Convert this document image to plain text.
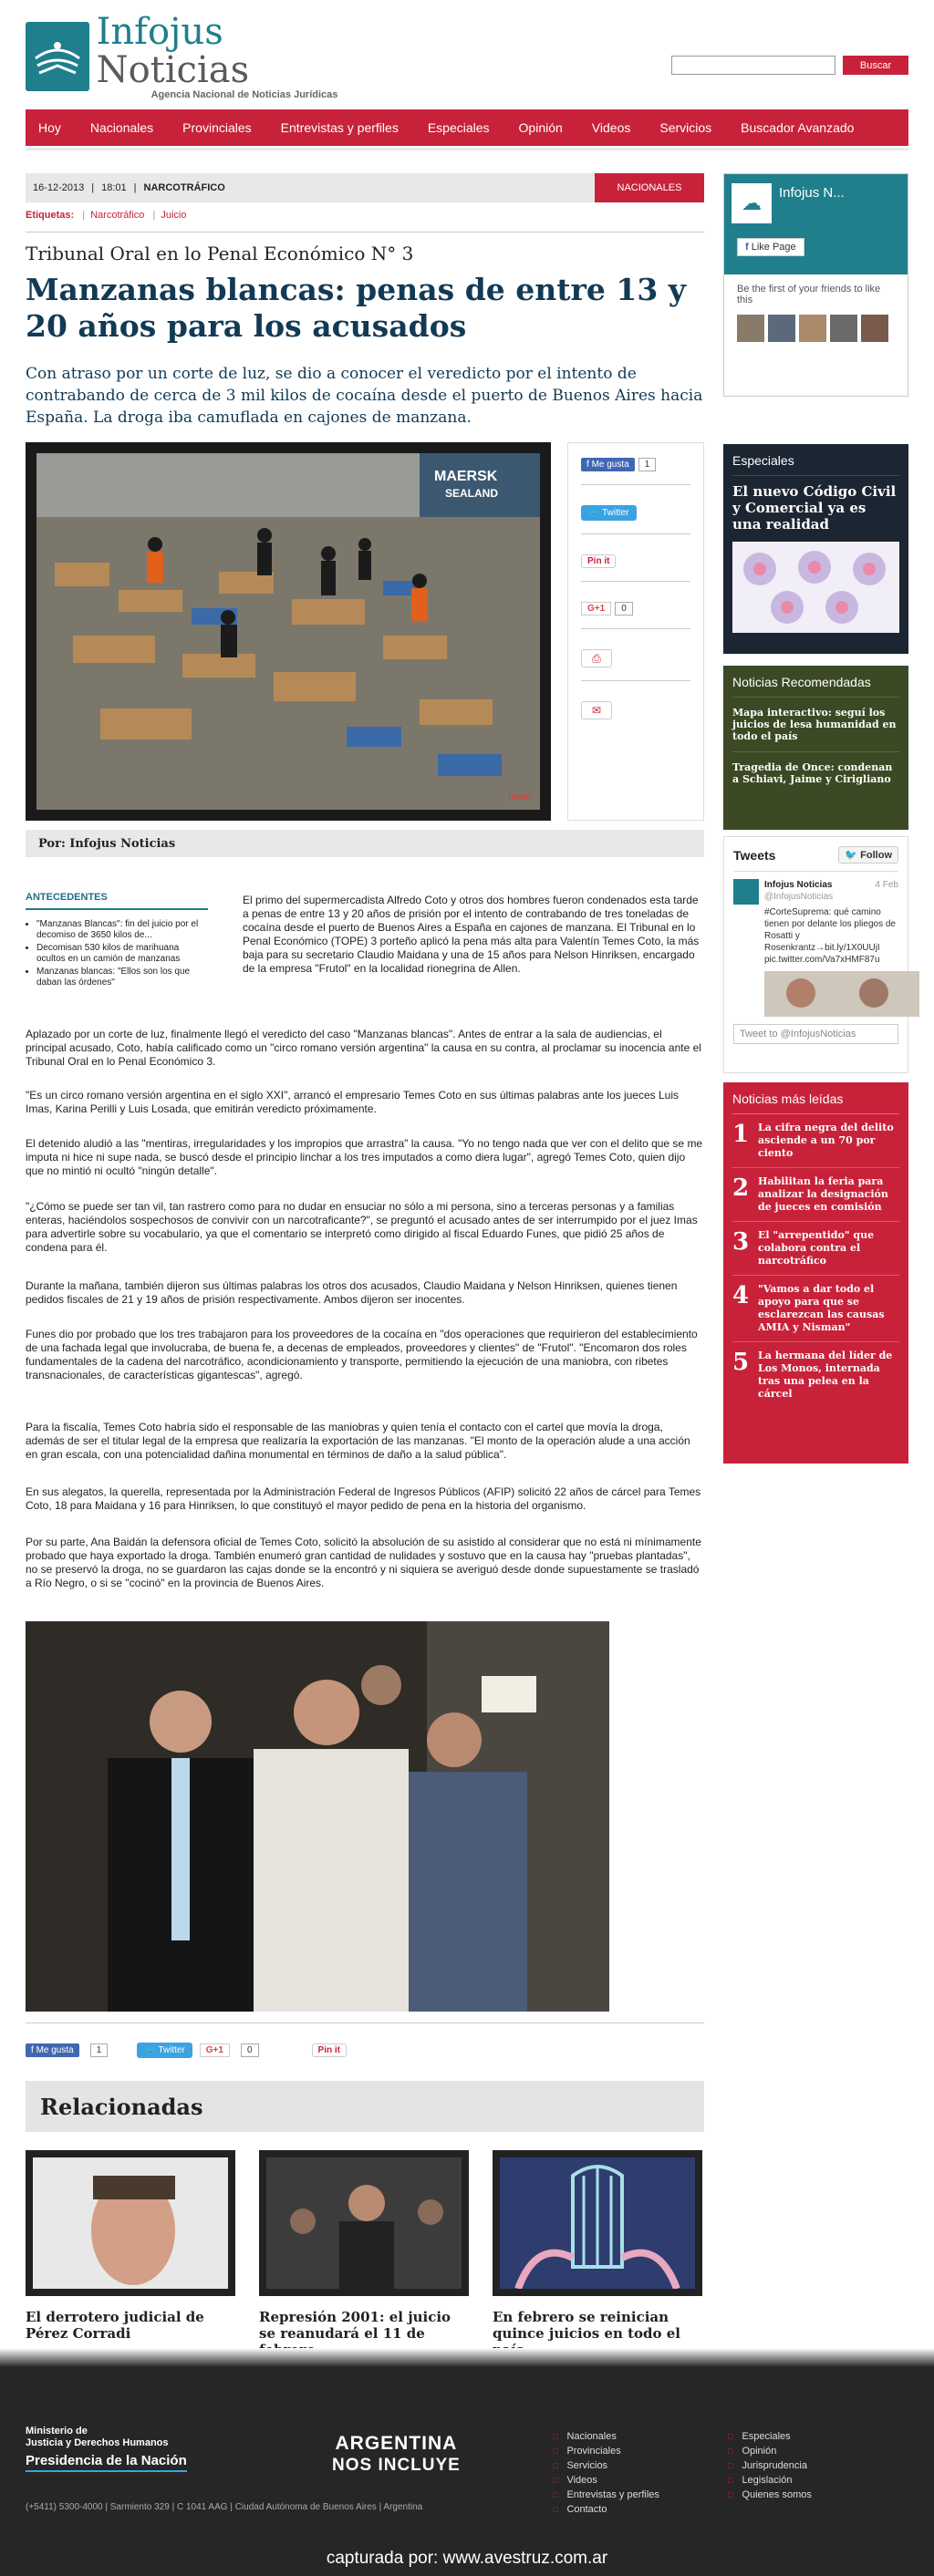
Infojus Noticias
Agencia Nacional de Noticias Jurídicas
Buscar
Hoy Nacionales Provinciales Entrevistas y perfiles Especiales Opinión Videos Servicios Buscador Avanzado
16-12-2013 | 18:01 | NARCOTRÁFICO	NACIONALES
Etiquetas: | Narcotráfico | Juicio
Tribunal Oral en lo Penal Económico N° 3
Manzanas blancas: penas de entre 13 y 20 años para los acusados

Con atraso por un corte de luz, se dio a conocer el veredicto por el intento de contrabando de cerca de 3 mil kilos de cocaína desde el puerto de Buenos Aires hacia España. La droga iba camuflada en cajones de manzana.

MAERSK
SEALAND
Telam
f Me gusta 1
🐦 Twitter
Pin it
G+1 0
⎙
✉
Por: Infojus Noticias
ANTECEDENTES
• "Manzanas Blancas": fin del juicio por el decomiso de 3650 kilos de...
• Decomisan 530 kilos de marihuana ocultos en un camión de manzanas
• Manzanas blancas: "Ellos son los que daban las órdenes"

El primo del supermercadista Alfredo Coto y otros dos hombres fueron condenados esta tarde a penas de entre 13 y 20 años de prisión por el intento de contrabando de tres toneladas de cocaína desde el puerto de Buenos Aires a España en cajones de manzana. El Tribunal en lo Penal Económico (TOPE) 3 porteño aplicó la pena más alta para Valentín Temes Coto, la más baja para su secretario Claudio Maidana y una de 15 años para Nelson Hinriksen, encargado de la empresa "Frutol" en la localidad rionegrina de Allen.

Aplazado por un corte de luz, finalmente llegó el veredicto del caso "Manzanas blancas". Antes de entrar a la sala de audiencias, el principal acusado, Coto, había calificado como un "circo romano versión argentina" la causa en su contra, al proclamar su inocencia ante el Tribunal Oral en lo Penal Económico 3.

"Es un circo romano versión argentina en el siglo XXI", arrancó el empresario Temes Coto en sus últimas palabras ante los jueces Luis Imas, Karina Perilli y Luis Losada, que emitirán veredicto próximamente.

El detenido aludió a las "mentiras, irregularidades y los impropios que arrastra" la causa. "Yo no tengo nada que ver con el delito que se me imputa ni hice ni supe nada, se buscó desde el principio linchar a los tres imputados a como diera lugar", agregó Temes Coto, quien dijo que no mintió ni ocultó "ningún detalle".

"¿Cómo se puede ser tan vil, tan rastrero como para no dudar en ensuciar no sólo a mi persona, sino a terceras personas y a familias enteras, haciéndolos sospechosos de convivir con un narcotraficante?", se preguntó el acusado antes de ser interrumpido por el juez Imas para advertirle sobre su vocabulario, ya que el comentario se interpretó como dirigido al fiscal Eduardo Funes, que pidió 25 años de condena para él.

Durante la mañana, también dijeron sus últimas palabras los otros dos acusados, Claudio Maidana y Nelson Hinriksen, quienes tienen pedidos fiscales de 21 y 19 años de prisión respectivamente. Ambos dijeron ser inocentes.

Funes dio por probado que los tres trabajaron para los proveedores de la cocaína en "dos operaciones que requirieron del establecimiento de una fachada legal que involucraba, de buena fe, a decenas de empleados, proveedores y clientes" de "Frutol". "Encomaron dos roles fundamentales de la cadena del narcotráfico, acondicionamiento y transporte, permitiendo la ejecución de una maniobra, con ribetes transnacionales, de características gigantescas", agregó.

Para la fiscalía, Temes Coto habría sido el responsable de las maniobras y quien tenía el contacto con el cartel que movía la droga, además de ser el titular legal de la empresa que realizaría la exportación de las manzanas. "El monto de la operación alude a una acción en gran escala, con una potencialidad dañina monumental en términos de daño a la salud pública".

En sus alegatos, la querella, representada por la Administración Federal de Ingresos Públicos (AFIP) solicitó 22 años de cárcel para Temes Coto, 18 para Maidana y 16 para Hinriksen, lo que constituyó el mayor pedido de pena en la historia del organismo.

Por su parte, Ana Baidán la defensora oficial de Temes Coto, solicitó la absolución de su asistido al considerar que no está ni mínimamente probado que haya exportado la droga. También enumeró gran cantidad de nulidades y sostuvo que en la causa hay "pruebas plantadas", no se preservó la droga, no se guardaron las cajas donde se la encontró y ni siquiera se averiguó desde donde supuestamente se trasladó a Río Negro, o si se "cocinó" en la provincia de Buenos Aires.

f Me gusta	1	🐦 Twitter	G+1	0	Pin it
Relacionadas
El derrotero judicial de Pérez Corradi
Represión 2001: el juicio se reanudará el 11 de
En febrero se reinician quince juicios en todo el
☁	Infojus N...
f Like Page
Be the first of your friends to like this
Especiales
El nuevo Código Civil y Comercial ya es una realidad
Noticias Recomendadas
Mapa interactivo: seguí los juicios de lesa humanidad en todo el país
Tragedia de Once: condenan a Schiavi, Jaime y Cirigliano
Tweets	🐦 Follow
Infojus Noticias	4 Feb
@InfojusNoticias
#CorteSuprema: qué camino tienen por delante los pliegos de Rosatti y Rosenkrantz→bit.ly/1X0UUjI pic.twitter.com/Va7xHMF87u
Tweet to @InfojusNoticias
Noticias más leídas
1 La cifra negra del delito asciende a un 70 por ciento
2 Habilitan la feria para analizar la designación de jueces en comisión
3 El "arrepentido" que colabora contra el narcotráfico
4 "Vamos a dar todo el apoyo para que se esclarezcan las causas AMIA y Nisman"
5 La hermana del líder de Los Monos, internada tras una pelea en la cárcel
Ministerio de
Justicia y Derechos Humanos
Presidencia de la Nación
ARGENTINA
NOS INCLUYE
(+5411) 5300-4000 | Sarmiento 329 | C 1041 AAG | Ciudad Autónoma de Buenos Aires | Argentina
□ Nacionales
□ Provinciales
□ Servicios
□ Videos
□ Entrevistas y perfiles
□ Contacto
□ Especiales
□ Opinión
□ Jurisprudencia
□ Legislación
□ Quienes somos
capturada por: www.avestruz.com.ar
